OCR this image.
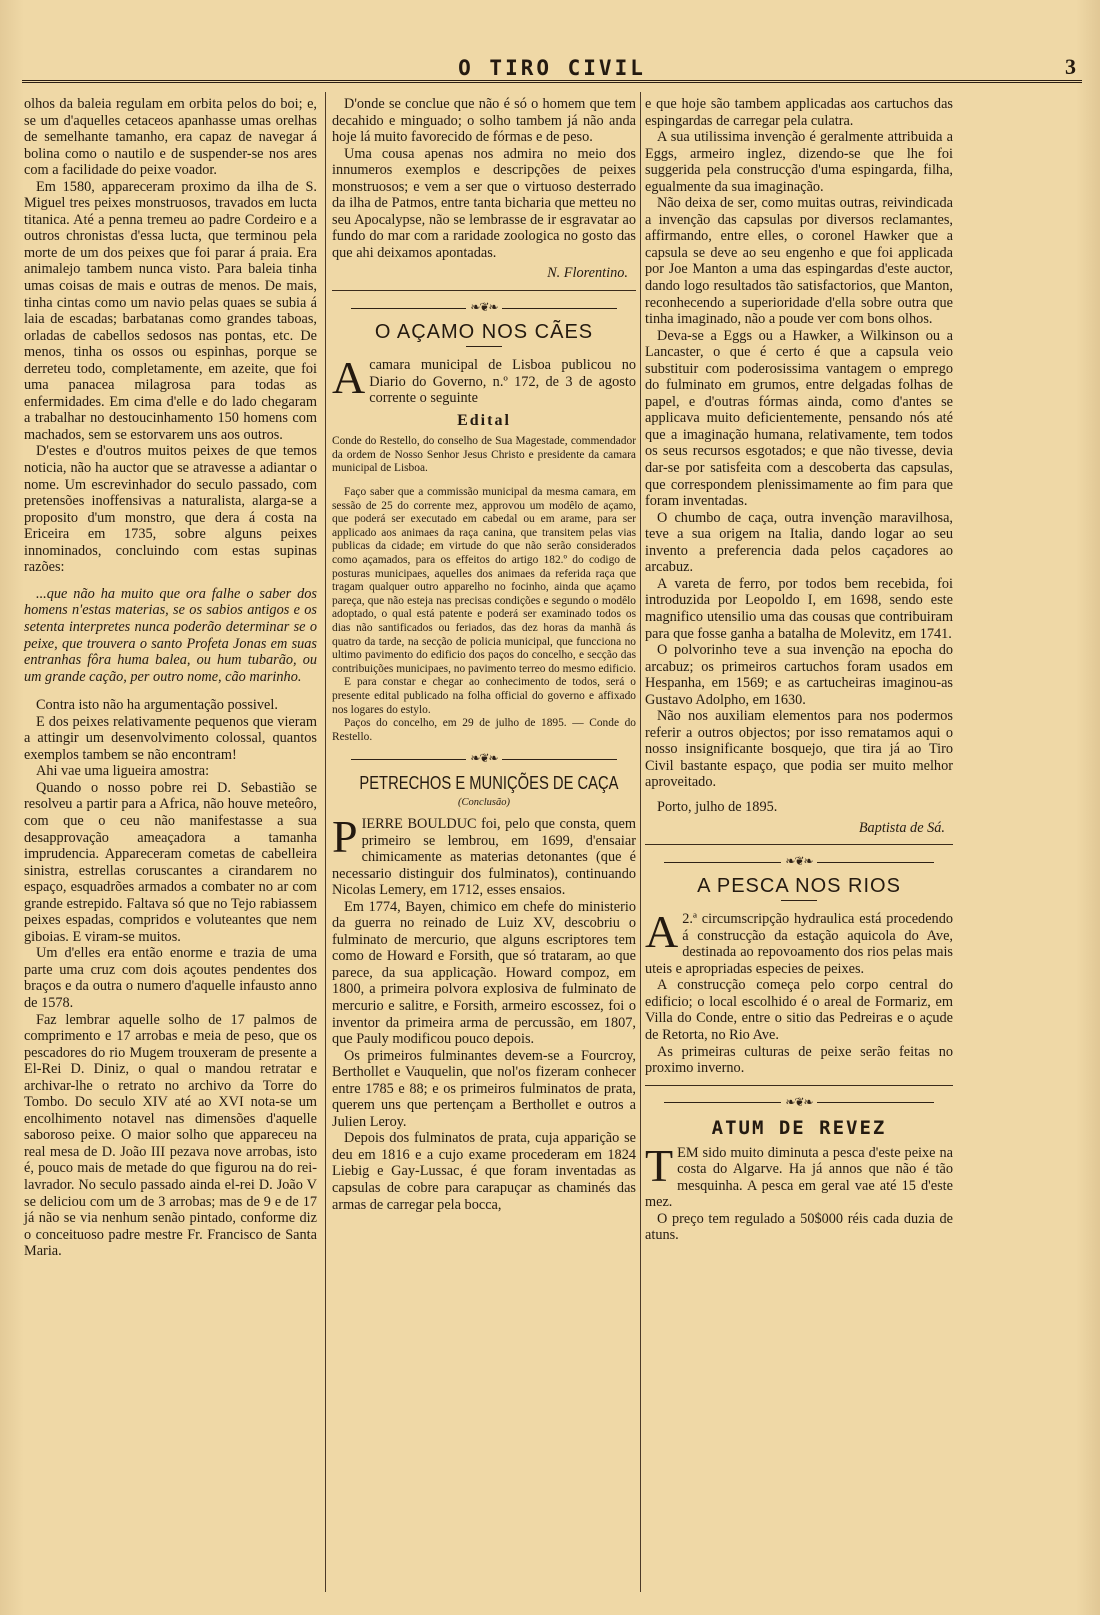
O TIRO CIVIL	3

olhos da baleia regulam em orbita pelos do boi; e, se um d'aquelles cetaceos apanhasse umas orelhas de semelhante tamanho, era capaz de navegar á bolina como o nautilo e de suspender-se nos ares com a facilidade do peixe voador.

Em 1580, appareceram proximo da ilha de S. Miguel tres peixes monstruosos, travados em lucta titanica. Até a penna tremeu ao padre Cordeiro e a outros chronistas d'essa lucta, que terminou pela morte de um dos peixes que foi parar á praia. Era animalejo tambem nunca visto. Para baleia tinha umas coisas de mais e outras de menos. De mais, tinha cintas como um navio pelas quaes se subia á laia de escadas; barbatanas como grandes taboas, orladas de cabellos sedosos nas pontas, etc. De menos, tinha os ossos ou espinhas, porque se derreteu todo, completamente, em azeite, que foi uma panacea milagrosa para todas as enfermidades. Em cima d'elle e do lado chegaram a trabalhar no destoucinhamento 150 homens com machados, sem se estorvarem uns aos outros.

D'estes e d'outros muitos peixes de que temos noticia, não ha auctor que se atravesse a adiantar o nome. Um escrevinhador do seculo passado, com pretensões inoffensivas a naturalista, alarga-se a proposito d'um monstro, que dera á costa na Ericeira em 1735, sobre alguns peixes innominados, concluindo com estas supinas razões:

...que não ha muito que ora falhe o saber dos homens n'estas materias, se os sabios antigos e os setenta interpretes nunca poderão determinar se o peixe, que trouvera o santo Profeta Jonas em suas entranhas fôra huma balea, ou hum tubarão, ou um grande cação, per outro nome, cão marinho.

Contra isto não ha argumentação possivel.

E dos peixes relativamente pequenos que vieram a attingir um desenvolvimento colossal, quantos exemplos tambem se não encontram!

Ahi vae uma ligueira amostra:

Quando o nosso pobre rei D. Sebastião se resolveu a partir para a Africa, não houve meteôro, com que o ceu não manifestasse a sua desapprovação ameaçadora a tamanha imprudencia. Appareceram cometas de cabelleira sinistra, estrellas coruscantes a cirandarem no espaço, esquadrões armados a combater no ar com grande estrepido. Faltava só que no Tejo rabiassem peixes espadas, compridos e voluteantes que nem giboias. E viram-se muitos.

Um d'elles era então enorme e trazia de uma parte uma cruz com dois açoutes pendentes dos braços e da outra o numero d'aquelle infausto anno de 1578.

Faz lembrar aquelle solho de 17 palmos de comprimento e 17 arrobas e meia de peso, que os pescadores do rio Mugem trouxeram de presente a El-Rei D. Diniz, o qual o mandou retratar e archivar-lhe o retrato no archivo da Torre do Tombo. Do seculo XIV até ao XVI nota-se um encolhimento notavel nas dimensões d'aquelle saboroso peixe. O maior solho que appareceu na real mesa de D. João III pezava nove arrobas, isto é, pouco mais de metade do que figurou na do rei-lavrador. No seculo passado ainda el-rei D. João V se deliciou com um de 3 arrobas; mas de 9 e de 17 já não se via nenhum senão pintado, conforme diz o conceituoso padre mestre Fr. Francisco de Santa Maria.

D'onde se conclue que não é só o homem que tem decahido e minguado; o solho tambem já não anda hoje lá muito favorecido de fórmas e de peso.

Uma cousa apenas nos admira no meio dos innumeros exemplos e descripções de peixes monstruosos; e vem a ser que o virtuoso desterrado da ilha de Patmos, entre tanta bicharia que metteu no seu Apocalypse, não se lembrasse de ir esgravatar ao fundo do mar com a raridade zoologica no gosto das que ahi deixamos apontadas.

N. Florentino.
❧❦❧
O AÇAMO NOS CÃES

Acamara municipal de Lisboa publicou no Diario do Governo, n.º 172, de 3 de agosto corrente o seguinte

Edital

Conde do Restello, do conselho de Sua Magestade, commendador da ordem de Nosso Senhor Jesus Christo e presidente da camara municipal de Lisboa.

Faço saber que a commissão municipal da mesma camara, em sessão de 25 do corrente mez, approvou um modêlo de açamo, que poderá ser executado em cabedal ou em arame, para ser applicado aos animaes da raça canina, que transitem pelas vias publicas da cidade; em virtude do que não serão considerados como açamados, para os effeitos do artigo 182.º do codigo de posturas municipaes, aquelles dos animaes da referida raça que tragam qualquer outro apparelho no focinho, ainda que açamo pareça, que não esteja nas precisas condições e segundo o modêlo adoptado, o qual está patente e poderá ser examinado todos os dias não santificados ou feriados, das dez horas da manhã ás quatro da tarde, na secção de policia municipal, que funcciona no ultimo pavimento do edificio dos paços do concelho, e secção das contribuições municipaes, no pavimento terreo do mesmo edificio.

E para constar e chegar ao conhecimento de todos, será o presente edital publicado na folha official do governo e affixado nos logares do estylo.

Paços do concelho, em 29 de julho de 1895. — Conde do Restello.

❧❦❧
PETRECHOS E MUNIÇÕES DE CAÇA
(Conclusão)

PIERRE BOULDUC foi, pelo que consta, quem primeiro se lembrou, em 1699, d'ensaiar chimicamente as materias detonantes (que é necessario distinguir dos fulminatos), continuando Nicolas Lemery, em 1712, esses ensaios.

Em 1774, Bayen, chimico em chefe do ministerio da guerra no reinado de Luiz XV, descobriu o fulminato de mercurio, que alguns escriptores tem como de Howard e Forsith, que só trataram, ao que parece, da sua applicação. Howard compoz, em 1800, a primeira polvora explosiva de fulminato de mercurio e salitre, e Forsith, armeiro escossez, foi o inventor da primeira arma de percussão, em 1807, que Pauly modificou pouco depois.

Os primeiros fulminantes devem-se a Fourcroy, Berthollet e Vauquelin, que nol'os fizeram conhecer entre 1785 e 88; e os primeiros fulminatos de prata, querem uns que pertençam a Berthollet e outros a Julien Leroy.

Depois dos fulminatos de prata, cuja apparição se deu em 1816 e a cujo exame procederam em 1824 Liebig e Gay-Lussac, é que foram inventadas as capsulas de cobre para carapuçar as chaminés das armas de carregar pela bocca,

e que hoje são tambem applicadas aos cartuchos das espingardas de carregar pela culatra.

A sua utilissima invenção é geralmente attribuida a Eggs, armeiro inglez, dizendo-se que lhe foi suggerida pela construcção d'uma espingarda, filha, egualmente da sua imaginação.

Não deixa de ser, como muitas outras, reivindicada a invenção das capsulas por diversos reclamantes, affirmando, entre elles, o coronel Hawker que a capsula se deve ao seu engenho e que foi applicada por Joe Manton a uma das espingardas d'este auctor, dando logo resultados tão satisfactorios, que Manton, reconhecendo a superioridade d'ella sobre outra que tinha imaginado, não a poude ver com bons olhos.

Deva-se a Eggs ou a Hawker, a Wilkinson ou a Lancaster, o que é certo é que a capsula veio substituir com poderosissima vantagem o emprego do fulminato em grumos, entre delgadas folhas de papel, e d'outras fórmas ainda, como d'antes se applicava muito deficientemente, pensando nós até que a imaginação humana, relativamente, tem todos os seus recursos esgotados; e que não tivesse, devia dar-se por satisfeita com a descoberta das capsulas, que correspondem plenissimamente ao fim para que foram inventadas.

O chumbo de caça, outra invenção maravilhosa, teve a sua origem na Italia, dando logar ao seu invento a preferencia dada pelos caçadores ao arcabuz.

A vareta de ferro, por todos bem recebida, foi introduzida por Leopoldo I, em 1698, sendo este magnifico utensilio uma das cousas que contribuiram para que fosse ganha a batalha de Molevitz, em 1741.

O polvorinho teve a sua invenção na epocha do arcabuz; os primeiros cartuchos foram usados em Hespanha, em 1569; e as cartucheiras imaginou-as Gustavo Adolpho, em 1630.

Não nos auxiliam elementos para nos podermos referir a outros objectos; por isso rematamos aqui o nosso insignificante bosquejo, que tira já ao Tiro Civil bastante espaço, que podia ser muito melhor aproveitado.

Porto, julho de 1895.

Baptista de Sá.
❧❦❧
A PESCA NOS RIOS

A 2.ª circumscripção hydraulica está procedendo á construcção da estação aquicola do Ave, destinada ao repovoamento dos rios pelas mais uteis e apropriadas especies de peixes.

A construcção começa pelo corpo central do edificio; o local escolhido é o areal de Formariz, em Villa do Conde, entre o sitio das Pedreiras e o açude de Retorta, no Rio Ave.

As primeiras culturas de peixe serão feitas no proximo inverno.

❧❦❧
ATUM DE REVEZ

TEM sido muito diminuta a pesca d'este peixe na costa do Algarve. Ha já annos que não é tão mesquinha. A pesca em geral vae até 15 d'este mez.

O preço tem regulado a 50$000 réis cada duzia de atuns.
